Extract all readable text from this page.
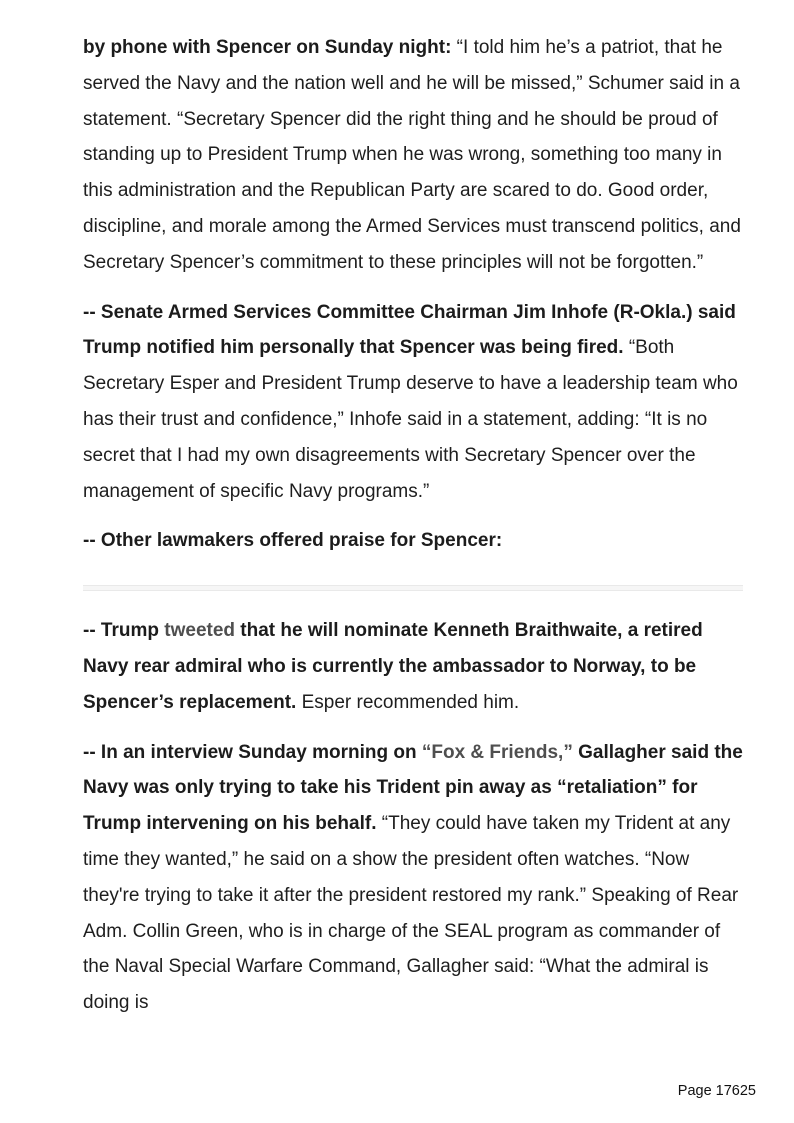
by phone with Spencer on Sunday night: “I told him he’s a patriot, that he served the Navy and the nation well and he will be missed,” Schumer said in a statement. “Secretary Spencer did the right thing and he should be proud of standing up to President Trump when he was wrong, something too many in this administration and the Republican Party are scared to do. Good order, discipline, and morale among the Armed Services must transcend politics, and Secretary Spencer’s commitment to these principles will not be forgotten.”

-- Senate Armed Services Committee Chairman Jim Inhofe (R-Okla.) said Trump notified him personally that Spencer was being fired. “Both Secretary Esper and President Trump deserve to have a leadership team who has their trust and confidence,” Inhofe said in a statement, adding: “It is no secret that I had my own disagreements with Secretary Spencer over the management of specific Navy programs.”

-- Other lawmakers offered praise for Spencer:

-- Trump tweeted that he will nominate Kenneth Braithwaite, a retired Navy rear admiral who is currently the ambassador to Norway, to be Spencer’s replacement. Esper recommended him.

-- In an interview Sunday morning on “Fox & Friends,” Gallagher said the Navy was only trying to take his Trident pin away as “retaliation” for Trump intervening on his behalf. “They could have taken my Trident at any time they wanted,” he said on a show the president often watches. “Now they're trying to take it after the president restored my rank.” Speaking of Rear Adm. Collin Green, who is in charge of the SEAL program as commander of the Naval Special Warfare Command, Gallagher said: “What the admiral is doing is

Page 17625
